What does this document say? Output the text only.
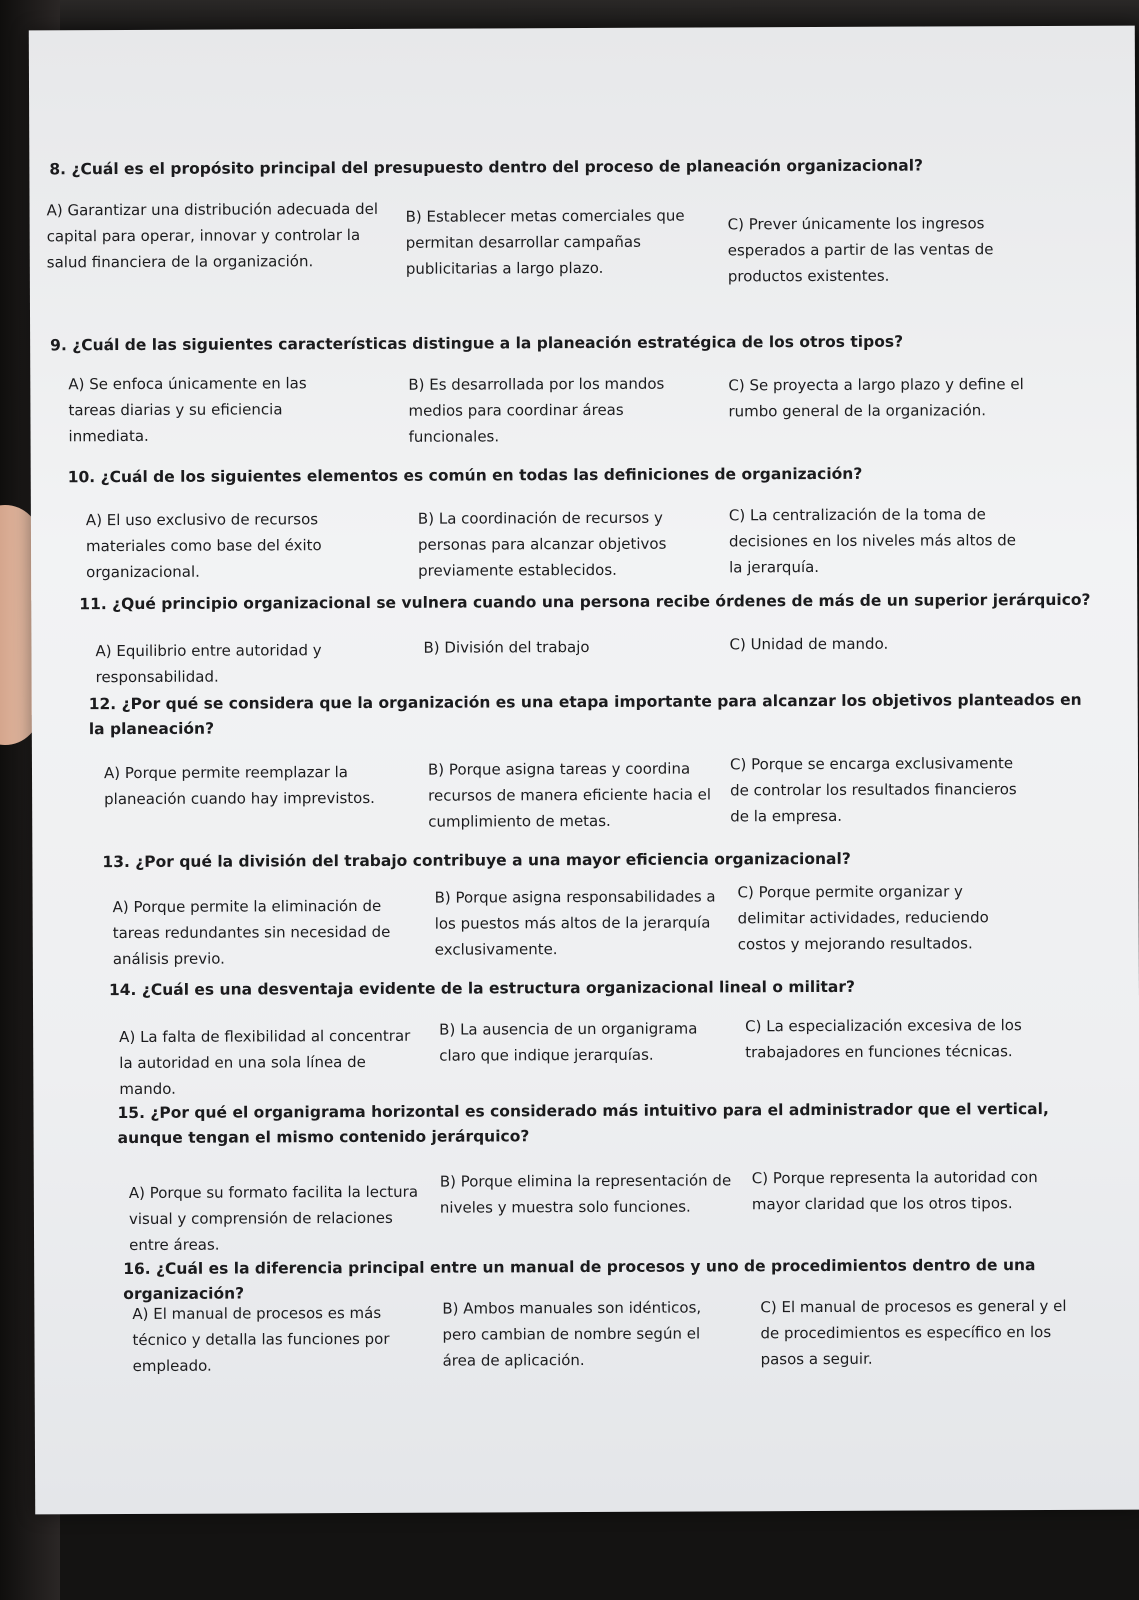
8. ¿Cuál es el propósito principal del presupuesto dentro del proceso de planeación organizacional?
A) Garantizar una distribución adecuada del capital para operar, innovar y controlar la salud financiera de la organización.
B) Establecer metas comerciales que permitan desarrollar campañas publicitarias a largo plazo.
C) Prever únicamente los ingresos esperados a partir de las ventas de productos existentes.
9. ¿Cuál de las siguientes características distingue a la planeación estratégica de los otros tipos?
A) Se enfoca únicamente en las tareas diarias y su eficiencia inmediata.
B) Es desarrollada por los mandos medios para coordinar áreas funcionales.
C) Se proyecta a largo plazo y define el rumbo general de la organización.
10. ¿Cuál de los siguientes elementos es común en todas las definiciones de organización?
A) El uso exclusivo de recursos materiales como base del éxito organizacional.
B) La coordinación de recursos y personas para alcanzar objetivos previamente establecidos.
C) La centralización de la toma de decisiones en los niveles más altos de la jerarquía.
11. ¿Qué principio organizacional se vulnera cuando una persona recibe órdenes de más de un superior jerárquico?
A) Equilibrio entre autoridad y responsabilidad.
B) División del trabajo	C) Unidad de mando.
12. ¿Por qué se considera que la organización es una etapa importante para alcanzar los objetivos planteados en la planeación?
A) Porque permite reemplazar la planeación cuando hay imprevistos.
B) Porque asigna tareas y coordina recursos de manera eficiente hacia el cumplimiento de metas.
C) Porque se encarga exclusivamente de controlar los resultados financieros de la empresa.
13. ¿Por qué la división del trabajo contribuye a una mayor eficiencia organizacional?
A) Porque permite la eliminación de tareas redundantes sin necesidad de análisis previo.
B) Porque asigna responsabilidades a los puestos más altos de la jerarquía exclusivamente.
C) Porque permite organizar y delimitar actividades, reduciendo costos y mejorando resultados.
14. ¿Cuál es una desventaja evidente de la estructura organizacional lineal o militar?
A) La falta de flexibilidad al concentrar la autoridad en una sola línea de mando.
B) La ausencia de un organigrama claro que indique jerarquías.
C) La especialización excesiva de los trabajadores en funciones técnicas.
15. ¿Por qué el organigrama horizontal es considerado más intuitivo para el administrador que el vertical, aunque tengan el mismo contenido jerárquico?
A) Porque su formato facilita la lectura visual y comprensión de relaciones entre áreas.
B) Porque elimina la representación de niveles y muestra solo funciones.
C) Porque representa la autoridad con mayor claridad que los otros tipos.
16. ¿Cuál es la diferencia principal entre un manual de procesos y uno de procedimientos dentro de una organización?
A) El manual de procesos es más técnico y detalla las funciones por empleado.
B) Ambos manuales son idénticos, pero cambian de nombre según el área de aplicación.
C) El manual de procesos es general y el de procedimientos es específico en los pasos a seguir.
